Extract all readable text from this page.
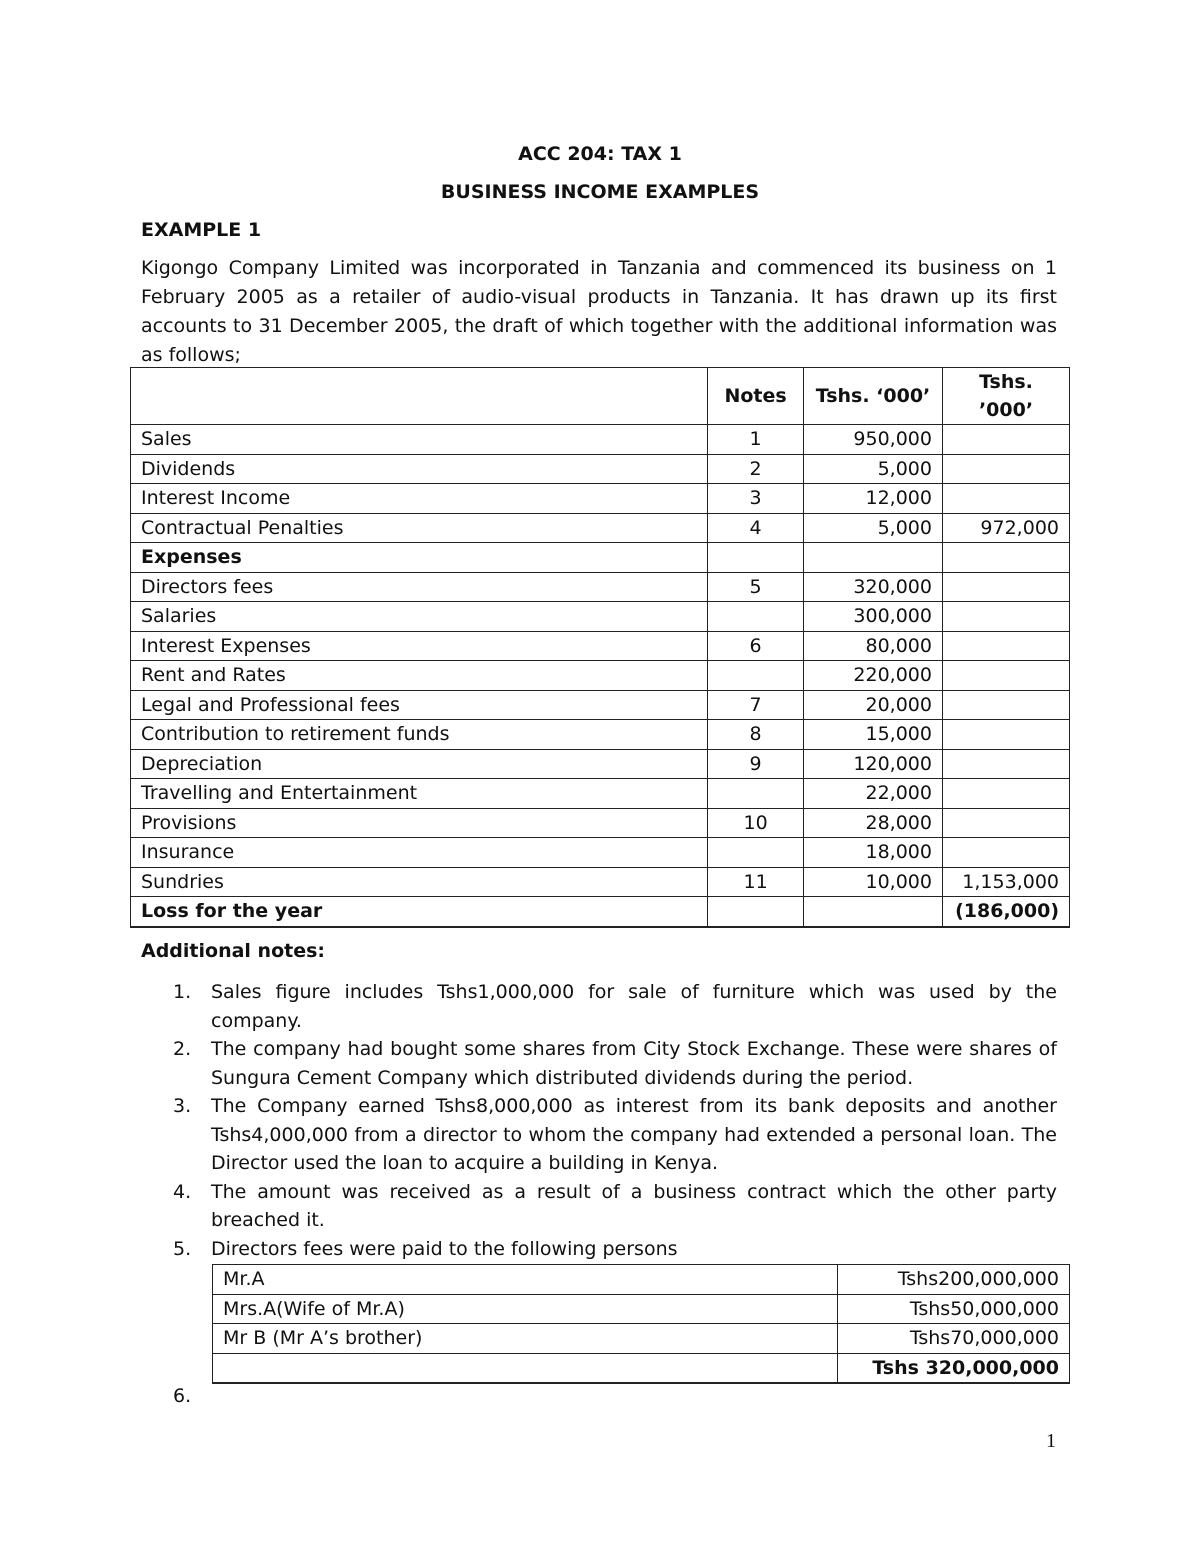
ACC 204: TAX 1
BUSINESS INCOME EXAMPLES
EXAMPLE 1
Kigongo Company Limited was incorporated in Tanzania and commenced its business on 1 February 2005 as a retailer of audio-visual products in Tanzania. It has drawn up its first accounts to 31 December 2005, the draft of which together with the additional information was as follows;
	Notes	Tshs. ‘000’	Tshs. ’000’
Sales	1	950,000	
Dividends	2	5,000	
Interest Income	3	12,000	
Contractual Penalties	4	5,000	972,000
Expenses			
Directors fees	5	320,000	
Salaries		300,000	
Interest Expenses	6	80,000	
Rent and Rates		220,000	
Legal and Professional fees	7	20,000	
Contribution to retirement funds	8	15,000	
Depreciation	9	120,000	
Travelling and Entertainment		22,000	
Provisions	10	28,000	
Insurance		18,000	
Sundries	11	10,000	1,153,000
Loss for the year			(186,000)
Additional notes:
1.	Sales figure includes Tshs1,000,000 for sale of furniture which was used by the company.
2.	The company had bought some shares from City Stock Exchange. These were shares of Sungura Cement Company which distributed dividends during the period.
3.	The Company earned Tshs8,000,000 as interest from its bank deposits and another Tshs4,000,000 from a director to whom the company had extended a personal loan. The Director used the loan to acquire a building in Kenya.
4.	The amount was received as a result of a business contract which the other party breached it.
5.	Directors fees were paid to the following persons
Mr.A	Tshs200,000,000
Mrs.A(Wife of Mr.A)	Tshs50,000,000
Mr B (Mr A’s brother)	Tshs70,000,000
	Tshs 320,000,000
6.
1
